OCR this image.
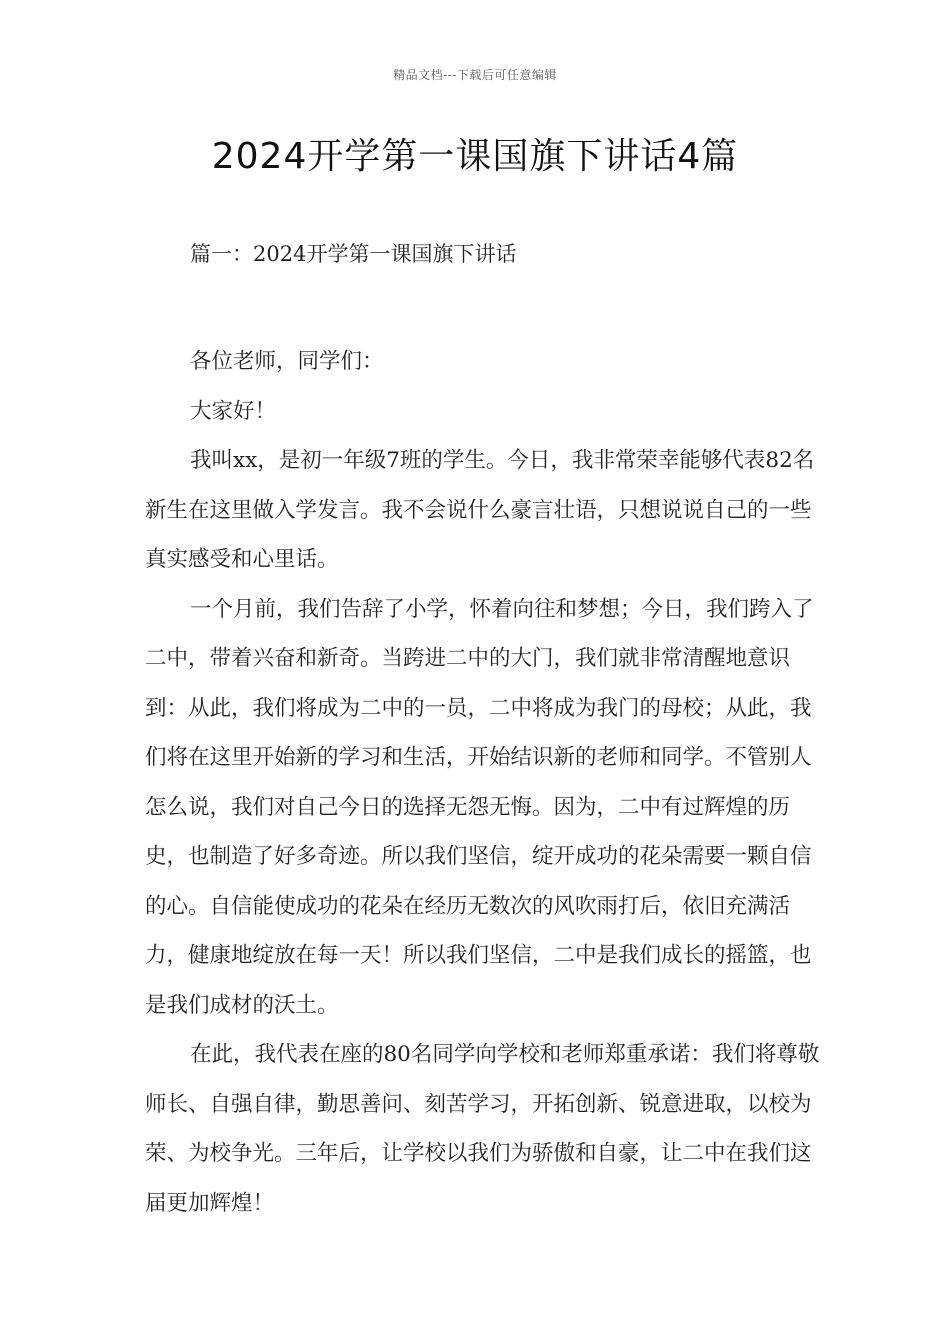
精品文档---下载后可任意编辑
2024开学第一课国旗下讲话4篇
篇一：2024开学第一课国旗下讲话

各位老师，同学们：

大家好！

我叫xx，是初一年级7班的学生。今日，我非常荣幸能够代表82名新生在这里做入学发言。我不会说什么豪言壮语，只想说说自己的一些真实感受和心里话。

一个月前，我们告辞了小学，怀着向往和梦想；今日，我们跨入了二中，带着兴奋和新奇。当跨进二中的大门，我们就非常清醒地意识到：从此，我们将成为二中的一员，二中将成为我门的母校；从此，我们将在这里开始新的学习和生活，开始结识新的老师和同学。不管别人怎么说，我们对自己今日的选择无怨无悔。因为，二中有过辉煌的历史，也制造了好多奇迹。所以我们坚信，绽开成功的花朵需要一颗自信的心。自信能使成功的花朵在经历无数次的风吹雨打后，依旧充满活力，健康地绽放在每一天！所以我们坚信，二中是我们成长的摇篮，也是我们成材的沃土。

在此，我代表在座的80名同学向学校和老师郑重承诺：我们将尊敬师长、自强自律，勤思善问、刻苦学习，开拓创新、锐意进取，以校为荣、为校争光。三年后，让学校以我们为骄傲和自豪，让二中在我们这届更加辉煌！
